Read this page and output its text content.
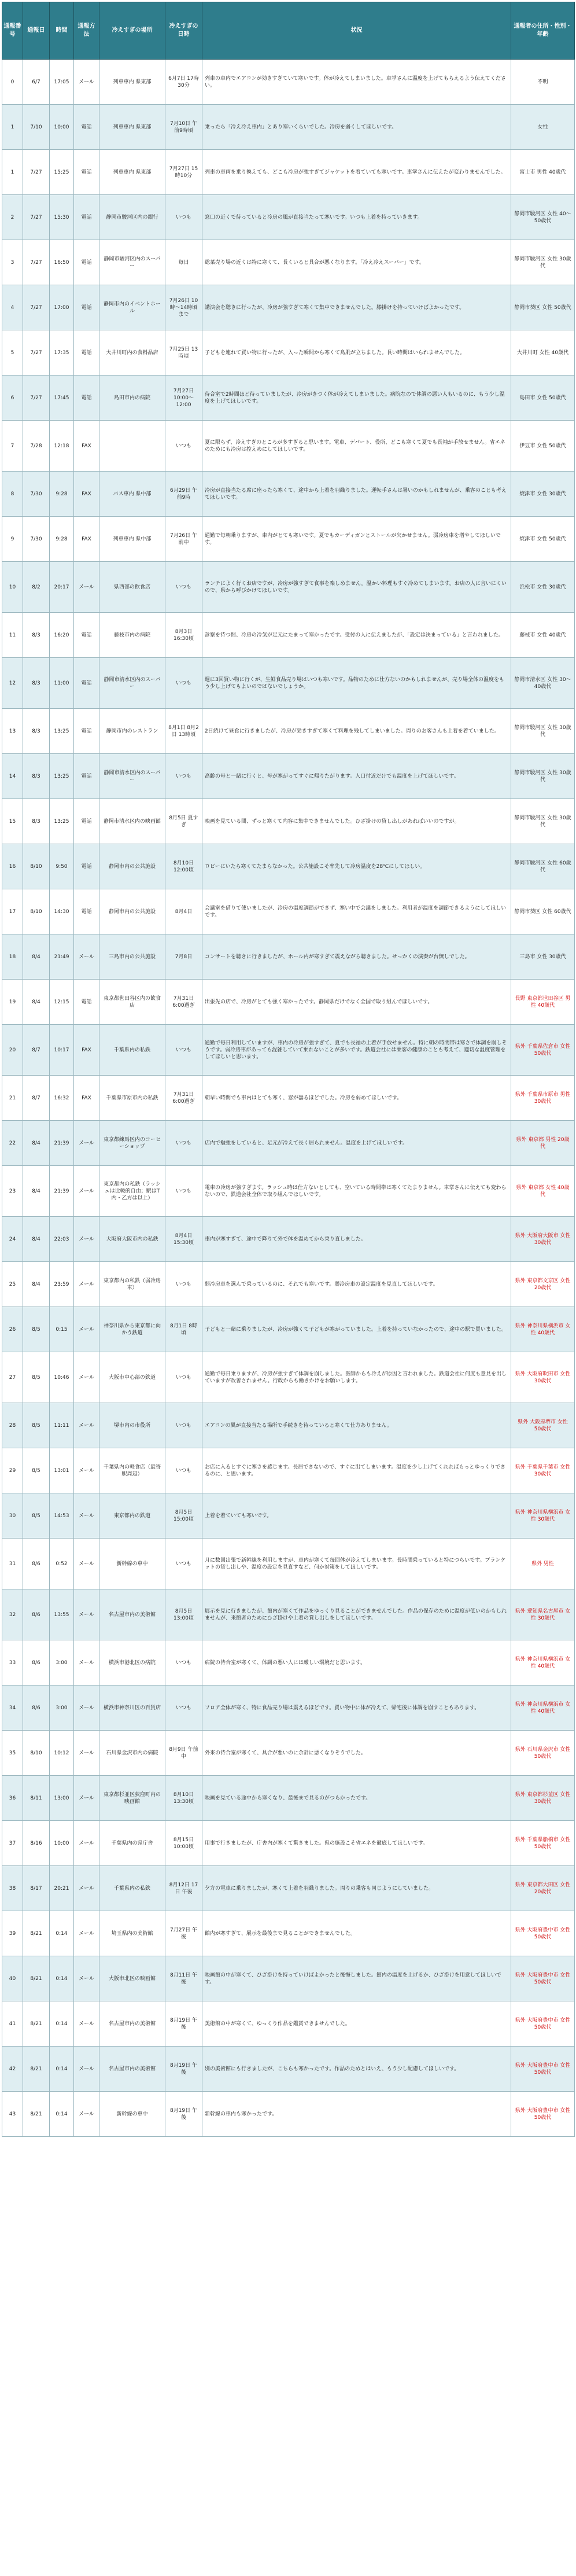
通報番号	通報日	時間	通報方法	冷えすぎの場所	冷えすぎの日時	状況	通報者の住所・性別・年齢
0	6/7	17:05	メール	列車車内 県東部	6月7日 17時30分	列車の車内でエアコンが効きすぎていて寒いです。体が冷えてしまいました。車掌さんに温度を上げてもらえるよう伝えてください。	不明
1	7/10	10:00	電話	列車車内 県東部	7月10日 午前9時頃	乗ったら「冷え冷え車内」とあり寒いくらいでした。冷房を弱くしてほしいです。	女性
1	7/27	15:25	電話	列車車内 県東部	7月27日 15時10分	列車の車両を乗り換えても、どこも冷房が強すぎてジャケットを着ていても寒いです。車掌さんに伝えたが変わりませんでした。	富士市 男性 40歳代
2	7/27	15:30	電話	静岡市駿河区内の銀行	いつも	窓口の近くで待っていると冷房の風が直接当たって寒いです。いつも上着を持っていきます。	静岡市駿河区 女性 40～50歳代
3	7/27	16:50	電話	静岡市駿河区内のスーパー	毎日	総菜売り場の近くは特に寒くて、長くいると具合が悪くなります。「冷え冷えスーパー」です。	静岡市駿河区 女性 30歳代
4	7/27	17:00	電話	静岡市内のイベントホール	7月26日 10時～14時頃まで	講演会を聴きに行ったが、冷房が強すぎて寒くて集中できませんでした。膝掛けを持っていけばよかったです。	静岡市葵区 女性 50歳代
5	7/27	17:35	電話	大井川町内の食料品店	7月25日 13時頃	子どもを連れて買い物に行ったが、入った瞬間から寒くて鳥肌が立ちました。長い時間はいられませんでした。	大井川町 女性 40歳代
6	7/27	17:45	電話	島田市内の病院	7月27日 10:00～12:00	待合室で2時間ほど待っていましたが、冷房がきつく体が冷えてしまいました。病院なので体調の悪い人もいるのに、もう少し温度を上げてほしいです。	島田市 女性 50歳代
7	7/28	12:18	FAX		いつも	夏に限らず、冷えすぎのところが多すぎると思います。電車、デパート、役所、どこも寒くて夏でも長袖が手放せません。省エネのためにも冷房は控えめにしてほしいです。	伊豆市 女性 50歳代
8	7/30	9:28	FAX	バス車内 県中部	6月29日 午前9時	冷房が直接当たる席に座ったら寒くて、途中から上着を羽織りました。運転手さんは暑いのかもしれませんが、乗客のことも考えてほしいです。	焼津市 女性 30歳代
9	7/30	9:28	FAX	列車車内 県中部	7月26日 午前中	通勤で毎朝乗りますが、車内がとても寒いです。夏でもカーディガンとストールが欠かせません。弱冷房車を増やしてほしいです。	焼津市 女性 50歳代
10	8/2	20:17	メール	県西部の飲食店	いつも	ランチによく行くお店ですが、冷房が強すぎて食事を楽しめません。温かい料理もすぐ冷めてしまいます。お店の人に言いにくいので、県から呼びかけてほしいです。	浜松市 女性 30歳代
11	8/3	16:20	電話	藤枝市内の病院	8月3日 16:30頃	診察を待つ間、冷房の冷気が足元にたまって寒かったです。受付の人に伝えましたが、「設定は決まっている」と言われました。	藤枝市 女性 40歳代
12	8/3	11:00	電話	静岡市清水区内のスーパー	いつも	週に3回買い物に行くが、生鮮食品売り場はいつも寒いです。品物のために仕方ないのかもしれませんが、売り場全体の温度をもう少し上げてもよいのではないでしょうか。	静岡市清水区 女性 30～40歳代
13	8/3	13:25	電話	静岡市内のレストラン	8月1日 8月2日 13時頃	2日続けて昼食に行きましたが、冷房が効きすぎて寒くて料理を残してしまいました。周りのお客さんも上着を着ていました。	静岡市駿河区 女性 30歳代
14	8/3	13:25	電話	静岡市清水区内のスーパー	いつも	高齢の母と一緒に行くと、母が寒がってすぐに帰りたがります。入口付近だけでも温度を上げてほしいです。	静岡市駿河区 女性 30歳代
15	8/3	13:25	電話	静岡市清水区内の映画館	8月5日 夏すぎ	映画を見ている間、ずっと寒くて内容に集中できませんでした。ひざ掛けの貸し出しがあればいいのですが。	静岡市駿河区 女性 30歳代
16	8/10	9:50	電話	静岡市内の公共施設	8月10日 12:00頃	ロビーにいたら寒くてたまらなかった。公共施設こそ率先して冷房温度を28℃にしてほしい。	静岡市駿河区 女性 60歳代
17	8/10	14:30	電話	静岡市内の公共施設	8月4日	会議室を借りて使いましたが、冷房の温度調節ができず、寒い中で会議をしました。利用者が温度を調節できるようにしてほしいです。	静岡市葵区 女性 60歳代
18	8/4	21:49	メール	三島市内の公共施設	7月8日	コンサートを聴きに行きましたが、ホール内が寒すぎて震えながら聴きました。せっかくの演奏が台無しでした。	三島市 女性 30歳代
19	8/4	12:15	電話	東京都世田谷区内の飲食店	7月31日 6:00過ぎ	出張先の店で、冷房がとても強く寒かったです。静岡県だけでなく全国で取り組んでほしいです。	長野 東京都世田谷区 男性 40歳代
20	8/7	10:17	FAX	千葉県内の私鉄	いつも	通勤で毎日利用していますが、車内の冷房が強すぎて、夏でも長袖の上着が手放せません。特に朝の時間帯は寒さで体調を崩しそうです。弱冷房車があっても混雑していて乗れないことが多いです。鉄道会社には乗客の健康のことも考えて、適切な温度管理をしてほしいと思います。	県外 千葉県佐倉市 女性 50歳代
21	8/7	16:32	FAX	千葉県市原市内の私鉄	7月31日 6:00過ぎ	朝早い時間でも車内はとても寒く、窓が曇るほどでした。冷房を弱めてほしいです。	県外 千葉県市原市 男性 30歳代
22	8/4	21:39	メール	東京都練馬区内のコーヒーショップ	いつも	店内で勉強をしていると、足元が冷えて長く居られません。温度を上げてほしいです。	県外 東京都 男性 20歳代
23	8/4	21:39	メール	東京都内の私鉄（ラッシュは比較的自由；駅はT内・乙方は以上）	いつも	電車の冷房が強すぎます。ラッシュ時は仕方ないとしても、空いている時間帯は寒くてたまりません。車掌さんに伝えても変わらないので、鉄道会社全体で取り組んでほしいです。	県外 東京都 女性 40歳代
24	8/4	22:03	メール	大阪府大阪市内の私鉄	8月4日 15:30頃	車内が寒すぎて、途中で降りて外で体を温めてから乗り直しました。	県外 大阪府大阪市 女性 30歳代
25	8/4	23:59	メール	東京都内の私鉄（弱冷房車）	いつも	弱冷房車を選んで乗っているのに、それでも寒いです。弱冷房車の設定温度を見直してほしいです。	県外 東京都文京区 女性 20歳代
26	8/5	0:15	メール	神奈川県から東京都に向かう鉄道	8月1日 8時頃	子どもと一緒に乗りましたが、冷房が強くて子どもが寒がっていました。上着を持っていなかったので、途中の駅で買いました。	県外 神奈川県横浜市 女性 40歳代
27	8/5	10:46	メール	大阪市中心部の鉄道	いつも	通勤で毎日乗りますが、冷房が強すぎて体調を崩しました。医師からも冷えが原因と言われました。鉄道会社に何度も意見を出していますが改善されません。行政からも働きかけをお願いします。	県外 大阪府吹田市 女性 30歳代
28	8/5	11:11	メール	堺市内の市役所	いつも	エアコンの風が直接当たる場所で手続きを待っていると寒くて仕方ありません。	県外 大阪府堺市 女性 50歳代
29	8/5	13:01	メール	千葉県内の軽食店（最寄駅周辺）	いつも	お店に入るとすぐに寒さを感じます。長居できないので、すぐに出てしまいます。温度を少し上げてくれればもっとゆっくりできるのに、と思います。	県外 千葉県千葉市 女性 30歳代
30	8/5	14:53	メール	東京都内の鉄道	8月5日 15:00頃	上着を着ていても寒いです。	県外 神奈川県横浜市 女性 30歳代
31	8/6	0:52	メール	新幹線の車中	いつも	月に数回出張で新幹線を利用しますが、車内が寒くて毎回体が冷えてしまいます。長時間乗っていると特につらいです。ブランケットの貸し出しや、温度の設定を見直すなど、何か対策をしてほしいです。	県外 男性
32	8/6	13:55	メール	名古屋市内の美術館	8月5日 13:00頃	展示を見に行きましたが、館内が寒くて作品をゆっくり見ることができませんでした。作品の保存のために温度が低いのかもしれませんが、来館者のためにひざ掛けや上着の貸し出しをしてほしいです。	県外 愛知県名古屋市 女性 30歳代
33	8/6	3:00	メール	横浜市港北区の病院	いつも	病院の待合室が寒くて、体調の悪い人には厳しい環境だと思います。	県外 神奈川県横浜市 女性 40歳代
34	8/6	3:00	メール	横浜市神奈川区の百貨店	いつも	フロア全体が寒く、特に食品売り場は震えるほどです。買い物中に体が冷えて、帰宅後に体調を崩すこともあります。	県外 神奈川県横浜市 女性 40歳代
35	8/10	10:12	メール	石川県金沢市内の病院	8月9日 午前中	外来の待合室が寒くて、具合が悪いのに余計に悪くなりそうでした。	県外 石川県金沢市 女性 50歳代
36	8/11	13:00	メール	東京都杉並区荻窪町内の映画館	8月10日 13:30頃	映画を見ている途中から寒くなり、最後まで見るのがつらかったです。	県外 東京都杉並区 女性 30歳代
37	8/16	10:00	メール	千葉県内の県庁舎	8月15日 10:00頃	用事で行きましたが、庁舎内が寒くて驚きました。県の施設こそ省エネを徹底してほしいです。	県外 千葉県船橋市 女性 50歳代
38	8/17	20:21	メール	千葉県内の私鉄	8月12日 17日 午後	夕方の電車に乗りましたが、寒くて上着を羽織りました。周りの乗客も同じようにしていました。	県外 東京都大田区 女性 20歳代
39	8/21	0:14	メール	埼玉県内の美術館	7月27日 午後	館内が寒すぎて、展示を最後まで見ることができませんでした。	県外 大阪府豊中市 女性 50歳代
40	8/21	0:14	メール	大阪市北区の映画館	8月11日 午後	映画館の中が寒くて、ひざ掛けを持っていけばよかったと後悔しました。館内の温度を上げるか、ひざ掛けを用意してほしいです。	県外 大阪府豊中市 女性 50歳代
41	8/21	0:14	メール	名古屋市内の美術館	8月19日 午後	美術館の中が寒くて、ゆっくり作品を鑑賞できませんでした。	県外 大阪府豊中市 女性 50歳代
42	8/21	0:14	メール	名古屋市内の美術館	8月19日 午後	別の美術館にも行きましたが、こちらも寒かったです。作品のためとはいえ、もう少し配慮してほしいです。	県外 大阪府豊中市 女性 50歳代
43	8/21	0:14	メール	新幹線の車中	8月19日 午後	新幹線の車内も寒かったです。	県外 大阪府豊中市 女性 50歳代
